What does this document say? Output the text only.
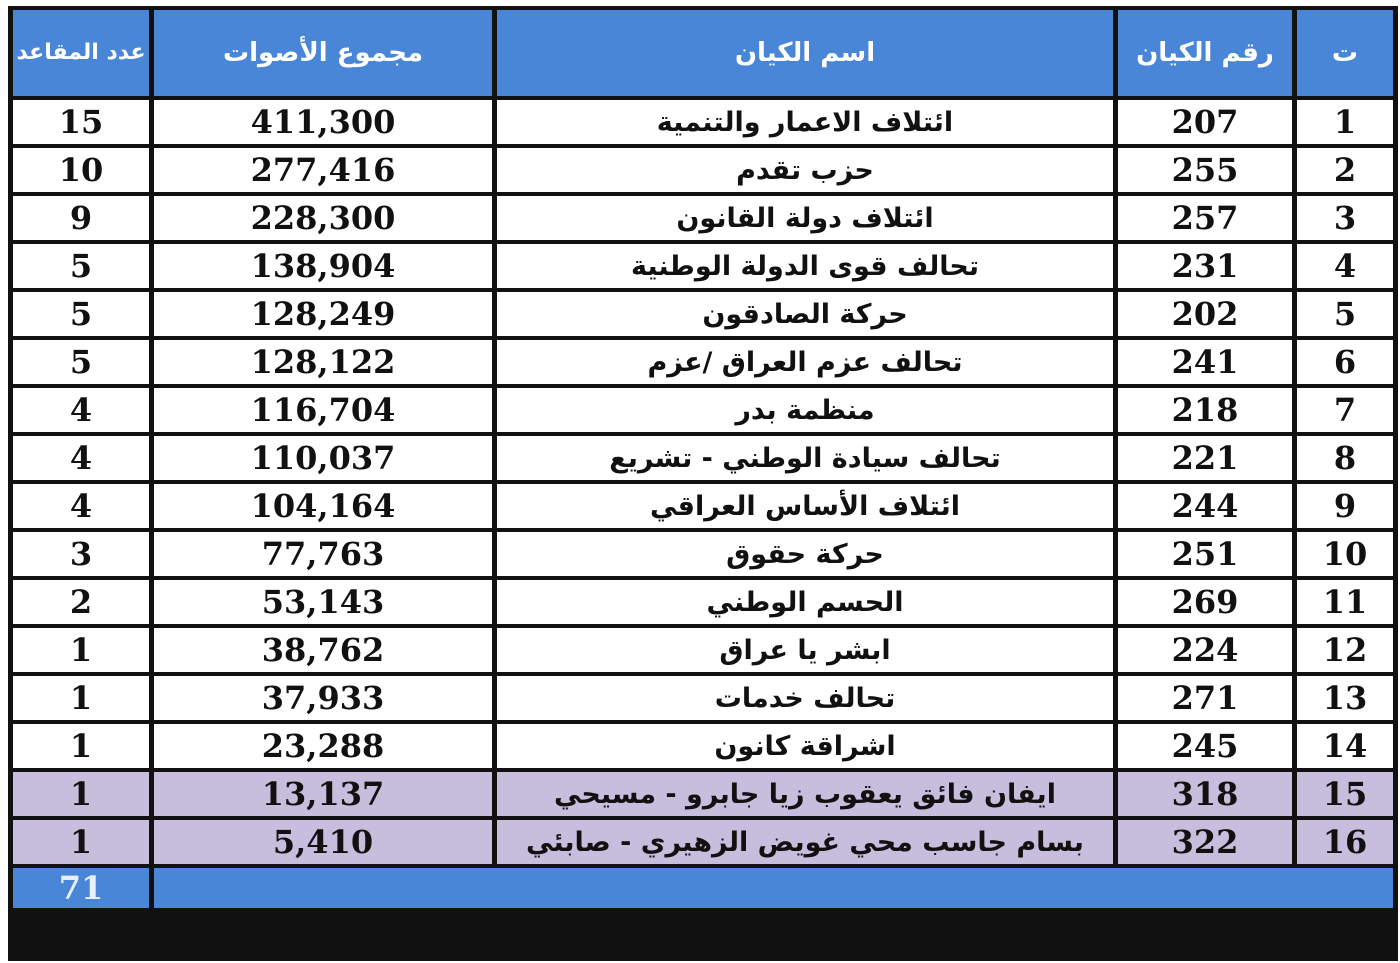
عدد المقاعد	مجموع الأصوات	اسم الكيان	رقم الكيان	ت
15	411,300	ائتلاف الاعمار والتنمية	207	1
10	277,416	حزب تقدم	255	2
9	228,300	ائتلاف دولة القانون	257	3
5	138,904	تحالف قوى الدولة الوطنية	231	4
5	128,249	حركة الصادقون	202	5
5	128,122	تحالف عزم العراق /عزم	241	6
4	116,704	منظمة بدر	218	7
4	110,037	تحالف سيادة الوطني - تشريع	221	8
4	104,164	ائتلاف الأساس العراقي	244	9
3	77,763	حركة حقوق	251	10
2	53,143	الحسم الوطني	269	11
1	38,762	ابشر يا عراق	224	12
1	37,933	تحالف خدمات	271	13
1	23,288	اشراقة كانون	245	14
1	13,137	ايفان فائق يعقوب زيا جابرو - مسيحي	318	15
1	5,410	بسام جاسب محي غويض الزهيري - صابئي	322	16
71				
